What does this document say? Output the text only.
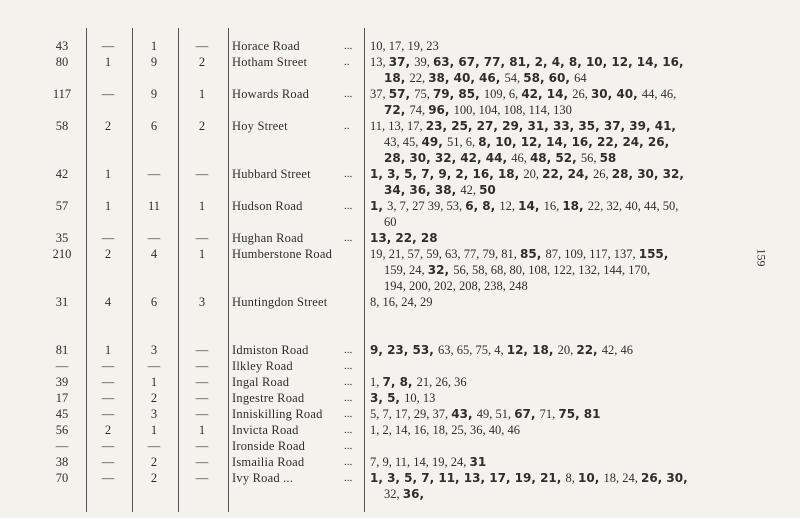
43	—	1	—	Horace Road	... 10, 17, 19, 23
80	1	9	2	Hotham Street	.. 13, 37, 39, 63, 67, 77, 81, 2, 4, 8, 10, 12, 14, 16,
18, 22, 38, 40, 46, 54, 58, 60, 64
117	—	9	1	Howards Road	... 37, 57, 75, 79, 85, 109, 6, 42, 14, 26, 30, 40, 44, 46,
72, 74, 96, 100, 104, 108, 114, 130
58	2	6	2	Hoy Street	.. 11, 13, 17, 23, 25, 27, 29, 31, 33, 35, 37, 39, 41,
43, 45, 49, 51, 6, 8, 10, 12, 14, 16, 22, 24, 26,
28, 30, 32, 42, 44, 46, 48, 52, 56, 58
42	1	—	—	Hubbard Street	... 1, 3, 5, 7, 9, 2, 16, 18, 20, 22, 24, 26, 28, 30, 32,
34, 36, 38, 42, 50
57	1	11	1	Hudson Road	... 1, 3, 7, 27 39, 53, 6, 8, 12, 14, 16, 18, 22, 32, 40, 44, 50,
60
35	—	—	—	Hughan Road	... 13, 22, 28
210	2	4	1	Humberstone Road	19, 21, 57, 59, 63, 77, 79, 81, 85, 87, 109, 117, 137, 155,
159, 24, 32, 56, 58, 68, 80, 108, 122, 132, 144, 170,
194, 200, 202, 208, 238, 248
31	4	6	3	Huntingdon Street	8, 16, 24, 29
81	1	3	—	Idmiston Road	... 9, 23, 53, 63, 65, 75, 4, 12, 18, 20, 22, 42, 46
—	—	—	—	Ilkley Road	...
39	—	1	—	Ingal Road	... 1, 7, 8, 21, 26, 36
17	—	2	—	Ingestre Road	... 3, 5, 10, 13
45	—	3	—	Inniskilling Road	... 5, 7, 17, 29, 37, 43, 49, 51, 67, 71, 75, 81
56	2	1	1	Invicta Road	... 1, 2, 14, 16, 18, 25, 36, 40, 46
—	—	—	—	Ironside Road	...
38	—	2	—	Ismailia Road	... 7, 9, 11, 14, 19, 24, 31
70	—	2	—	Ivy Road ...	... 1, 3, 5, 7, 11, 13, 17, 19, 21, 8, 10, 18, 24, 26, 30,
32, 36,
159
